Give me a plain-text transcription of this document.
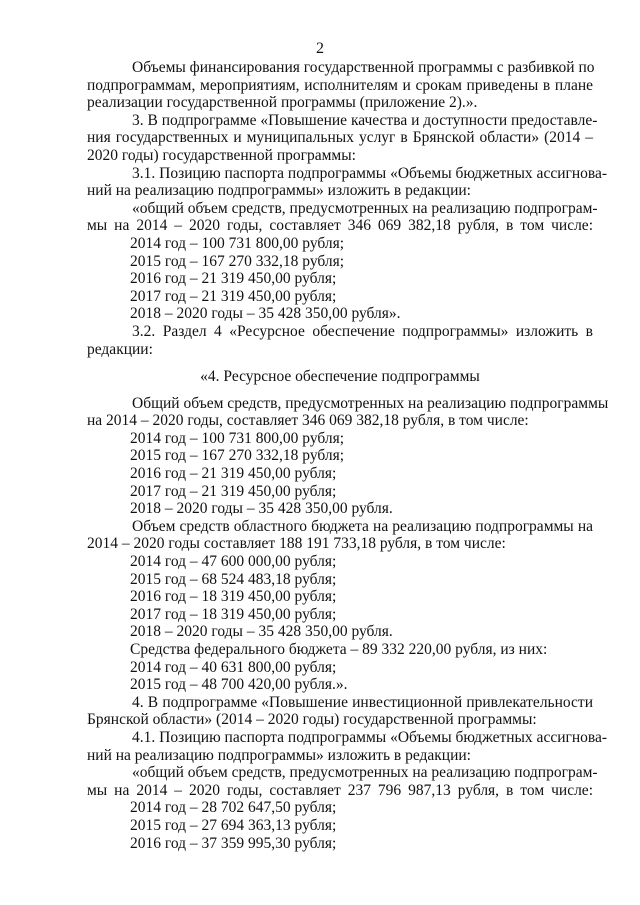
2
Объемы финансирования государственной программы с разбивкой по
подпрограммам, мероприятиям, исполнителям и срокам приведены в плане
реализации государственной программы (приложение 2).».
3. В подпрограмме «Повышение качества и доступности предоставле-
ния государственных и муниципальных услуг в Брянской области» (2014 –
2020 годы) государственной программы:
3.1. Позицию паспорта подпрограммы «Объемы бюджетных ассигнова-
ний на реализацию подпрограммы» изложить в редакции:
«общий объем средств, предусмотренных на реализацию подпрограм-
мы на 2014 – 2020 годы, составляет 346 069 382,18 рубля, в том числе:
2014 год – 100 731 800,00 рубля;
2015 год – 167 270 332,18 рубля;
2016 год – 21 319 450,00 рубля;
2017 год – 21 319 450,00 рубля;
2018 – 2020 годы – 35 428 350,00 рубля».
3.2. Раздел 4 «Ресурсное обеспечение подпрограммы» изложить в
редакции:
«4. Ресурсное обеспечение подпрограммы
Общий объем средств, предусмотренных на реализацию подпрограммы
на 2014 – 2020 годы, составляет 346 069 382,18 рубля, в том числе:
2014 год – 100 731 800,00 рубля;
2015 год – 167 270 332,18 рубля;
2016 год – 21 319 450,00 рубля;
2017 год – 21 319 450,00 рубля;
2018 – 2020 годы – 35 428 350,00 рубля.
Объем средств областного бюджета на реализацию подпрограммы на
2014 – 2020 годы составляет 188 191 733,18 рубля, в том числе:
2014 год – 47 600 000,00 рубля;
2015 год – 68 524 483,18 рубля;
2016 год – 18 319 450,00 рубля;
2017 год – 18 319 450,00 рубля;
2018 – 2020 годы – 35 428 350,00 рубля.
Средства федерального бюджета – 89 332 220,00 рубля, из них:
2014 год – 40 631 800,00 рубля;
2015 год – 48 700 420,00 рубля.».
4. В подпрограмме «Повышение инвестиционной привлекательности
Брянской области» (2014 – 2020 годы) государственной программы:
4.1. Позицию паспорта подпрограммы «Объемы бюджетных ассигнова-
ний на реализацию подпрограммы» изложить в редакции:
«общий объем средств, предусмотренных на реализацию подпрограм-
мы на 2014 – 2020 годы, составляет 237 796 987,13 рубля, в том числе:
2014 год – 28 702 647,50 рубля;
2015 год – 27 694 363,13 рубля;
2016 год – 37 359 995,30 рубля;
